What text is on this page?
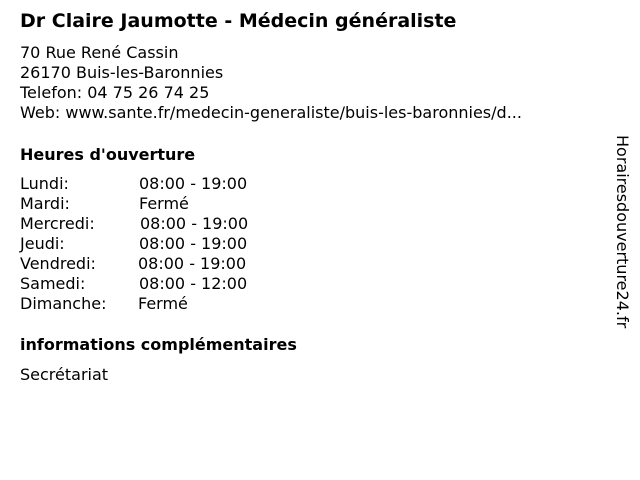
Dr Claire Jaumotte - Médecin généraliste
70 Rue René Cassin
26170 Buis-les-Baronnies
Telefon: 04 75 26 74 25
Web: www.sante.fr/medecin-generaliste/buis-les-baronnies/d...
Heures d'ouverture
Lundi:	08:00 - 19:00
Mardi:	Fermé
Mercredi:	08:00 - 19:00
Jeudi:	08:00 - 19:00
Vendredi:	08:00 - 19:00
Samedi:	08:00 - 12:00
Dimanche: Fermé
informations complémentaires
Secrétariat
Horairesdouverture24.fr
